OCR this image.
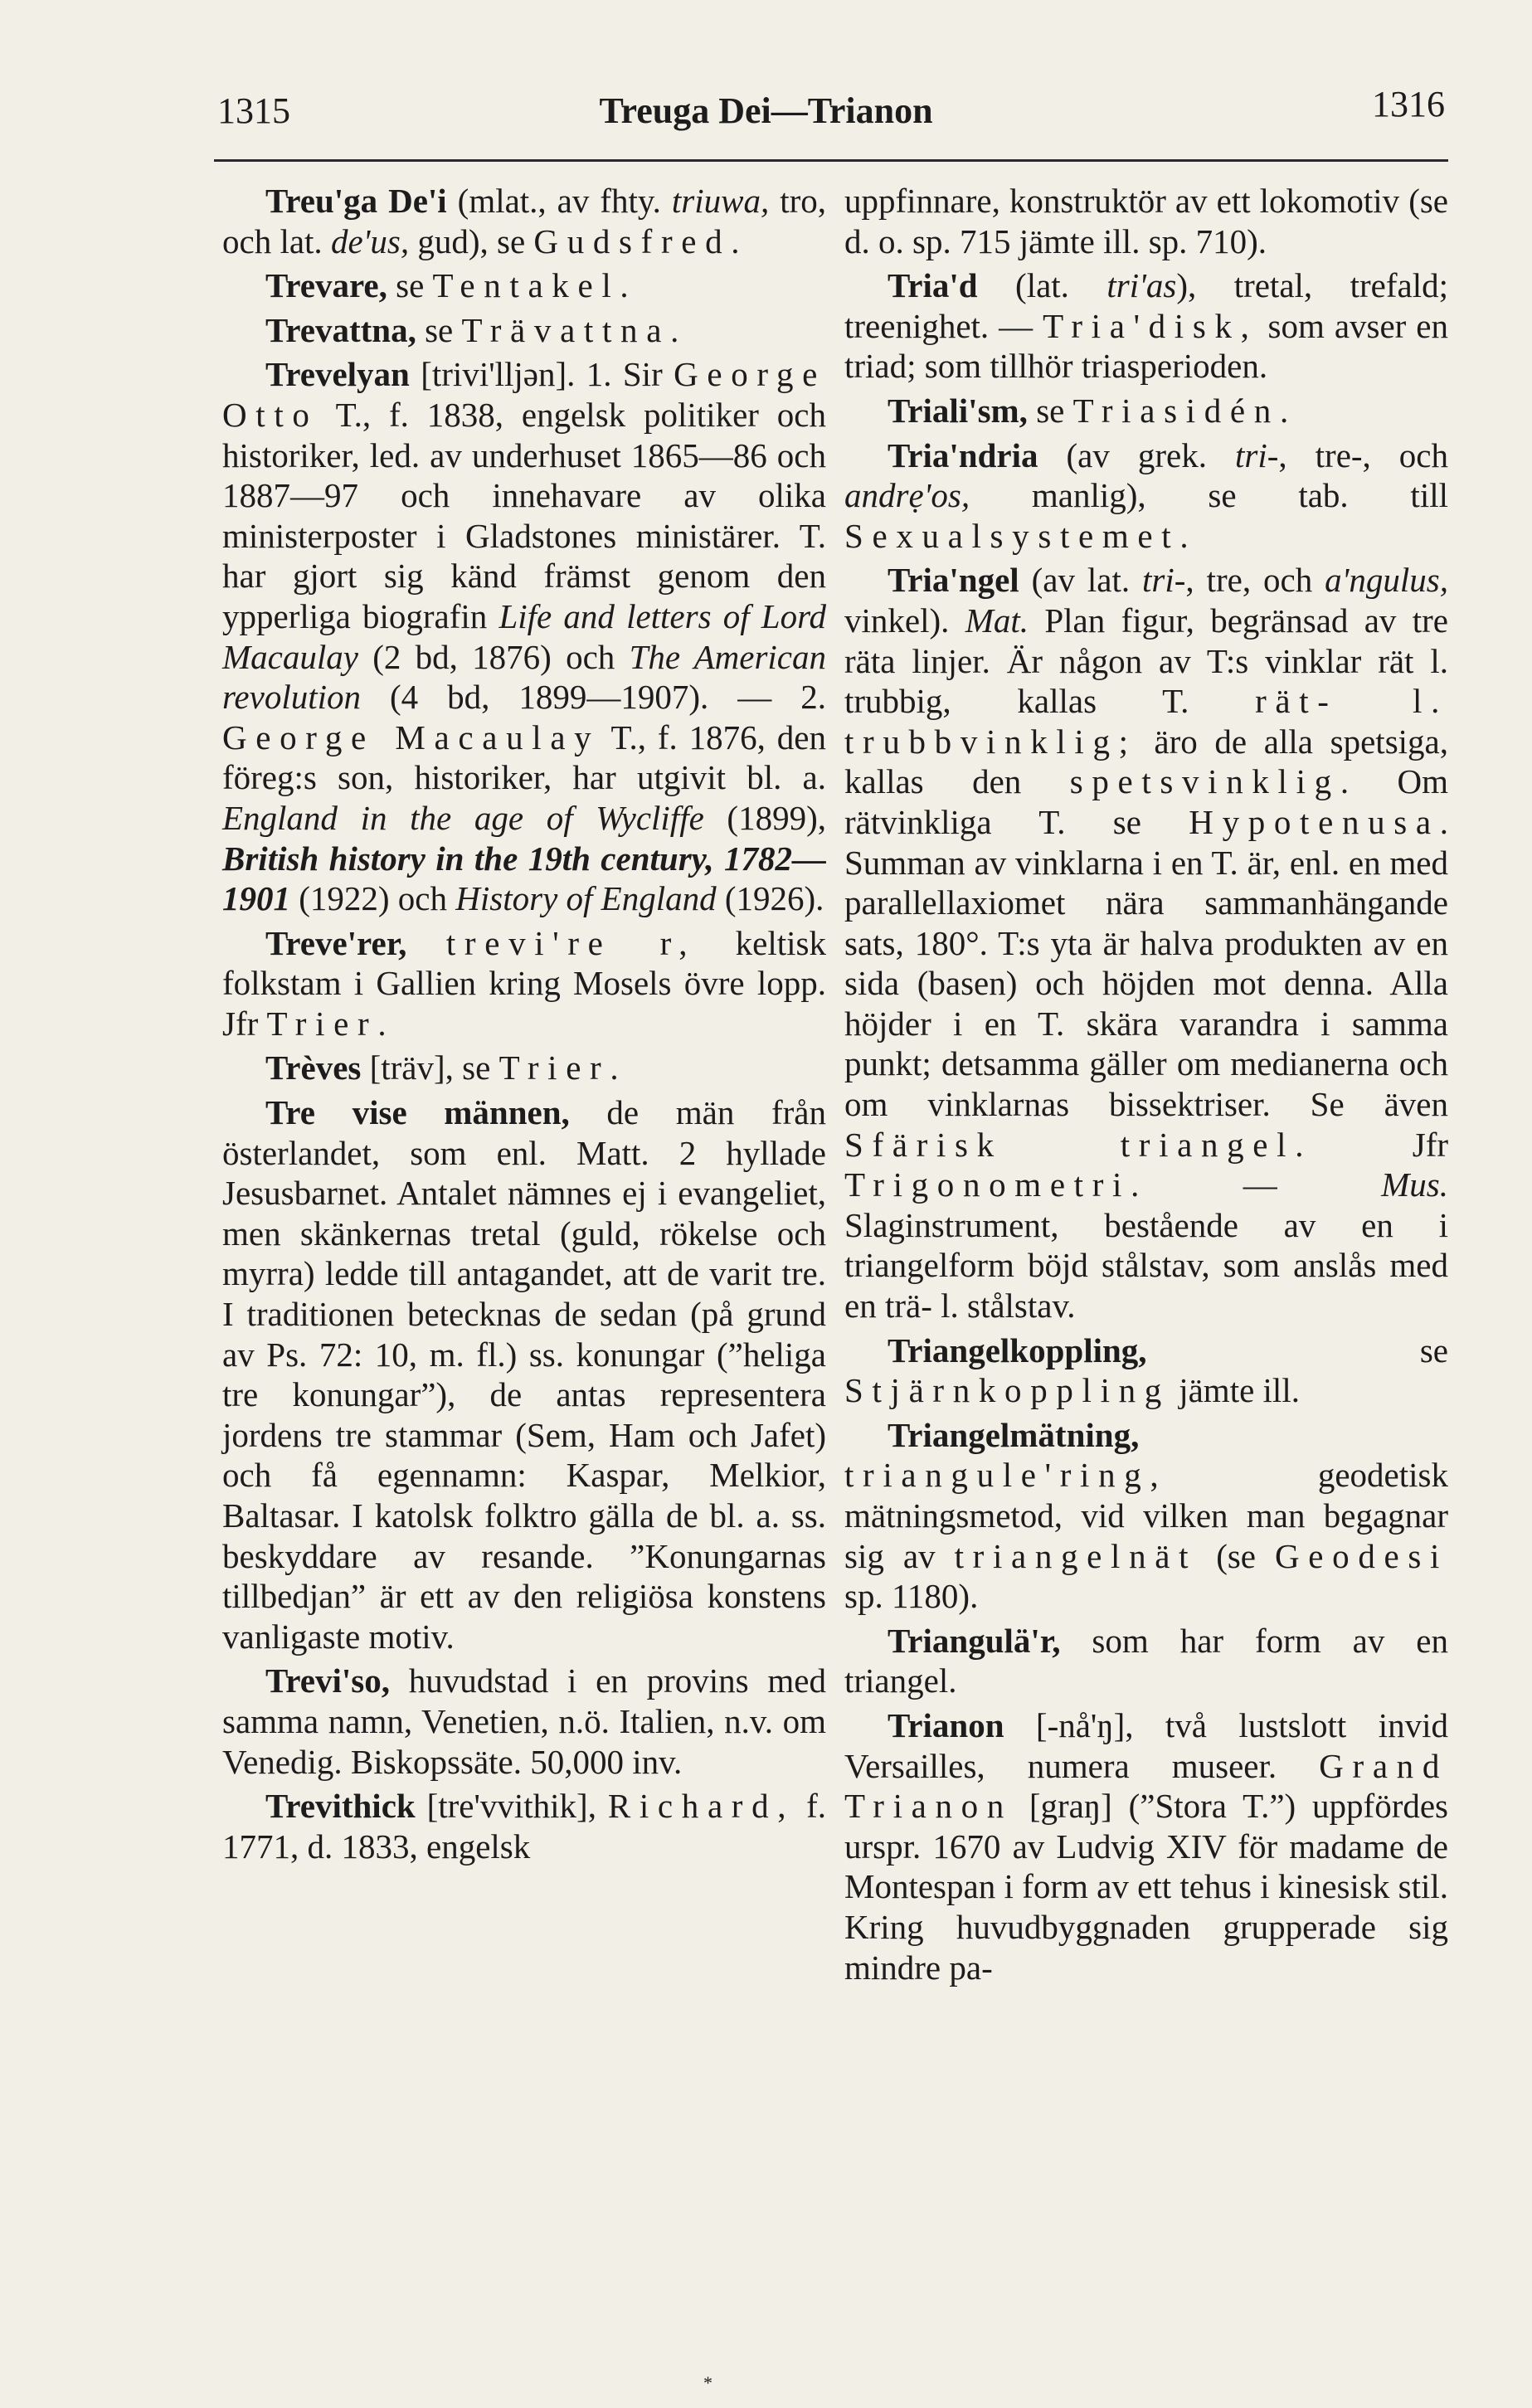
1315	Treuga Dei—Trianon	1316

Treu'ga De'i (mlat., av fhty. triuwa, tro, och lat. de'us, gud), se Gudsfred.

Trevare, se Tentakel.

Trevattna, se Trävattna.

Trevelyan [trivi'lljən]. 1. Sir George Otto T., f. 1838, engelsk politiker och historiker, led. av underhuset 1865—86 och 1887—97 och innehavare av olika ministerposter i Gladstones ministärer. T. har gjort sig känd främst genom den ypperliga biografin Life and letters of Lord Macaulay (2 bd, 1876) och The American revolution (4 bd, 1899—1907). — 2. George Macaulay T., f. 1876, den föreg:s son, historiker, har utgivit bl. a. England in the age of Wycliffe (1899), British history in the 19th century, 1782—1901 (1922) och History of England (1926).

Treve'rer, trevi're r, keltisk folkstam i Gallien kring Mosels övre lopp. Jfr Trier.

Trèves [träv], se Trier.

Tre vise männen, de män från österlandet, som enl. Matt. 2 hyllade Jesusbarnet. Antalet nämnes ej i evangeliet, men skänkernas tretal (guld, rökelse och myrra) ledde till antagandet, att de varit tre. I traditionen betecknas de sedan (på grund av Ps. 72: 10, m. fl.) ss. konungar (”heliga tre konungar”), de antas representera jordens tre stammar (Sem, Ham och Jafet) och få egennamn: Kaspar, Melkior, Baltasar. I katolsk folktro gälla de bl. a. ss. beskyddare av resande. ”Konungarnas tillbedjan” är ett av den religiösa konstens vanligaste motiv.

Trevi'so, huvudstad i en provins med samma namn, Venetien, n.ö. Italien, n.v. om Venedig. Biskopssäte. 50,000 inv.

Trevithick [tre'vvithik], Richard, f. 1771, d. 1833, engelsk

uppfinnare, konstruktör av ett lokomotiv (se d. o. sp. 715 jämte ill. sp. 710).

Tria'd (lat. tri'as), tretal, trefald; treenighet. — Tria'disk, som avser en triad; som tillhör triasperioden.

Triali'sm, se Triasidén.

Tria'ndria (av grek. tri-, tre-, och andrẹ'os, manlig), se tab. till Sexualsystemet.

Tria'ngel (av lat. tri-, tre, och a'ngulus, vinkel). Mat. Plan figur, begränsad av tre räta linjer. Är någon av T:s vinklar rät l. trubbig, kallas T. rät- l. trubbvinklig; äro de alla spetsiga, kallas den spetsvinklig. Om rätvinkliga T. se Hypotenusa. Summan av vinklarna i en T. är, enl. en med parallellaxiomet nära sammanhängande sats, 180°. T:s yta är halva produkten av en sida (basen) och höjden mot denna. Alla höjder i en T. skära varandra i samma punkt; detsamma gäller om medianerna och om vinklarnas bissektriser. Se även Sfärisk triangel. Jfr Trigonometri. — Mus. Slaginstrument, bestående av en i triangelform böjd stålstav, som anslås med en trä- l. stålstav.

Triangelkoppling, se Stjärnkoppling jämte ill.

Triangelmätning, triangule'ring, geodetisk mätningsmetod, vid vilken man begagnar sig av triangelnät (se Geodesi sp. 1180).

Triangulä'r, som har form av en triangel.

Trianon [-nå'ŋ], två lustslott invid Versailles, numera museer. Grand Trianon [graŋ] (”Stora T.”) uppfördes urspr. 1670 av Ludvig XIV för madame de Montespan i form av ett tehus i kinesisk stil. Kring huvudbyggnaden grupperade sig mindre pa-

*
